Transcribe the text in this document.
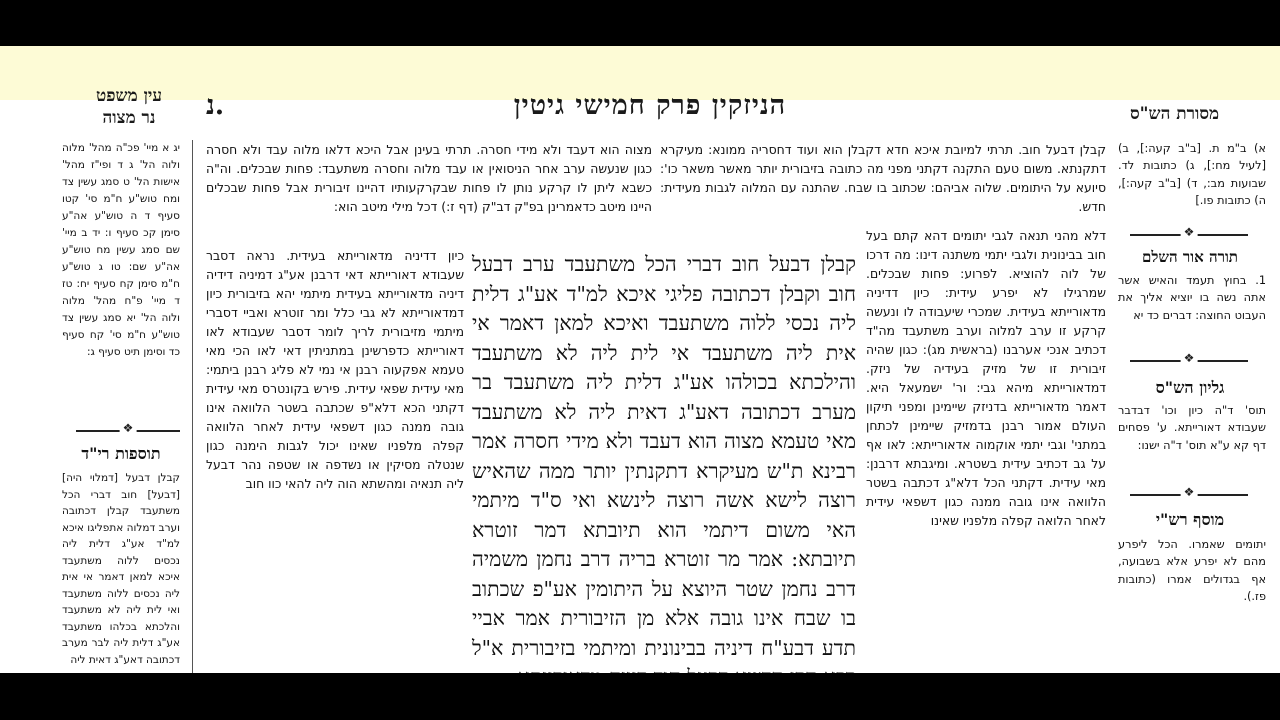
מסורת הש"ס
הניזקין פרק חמישי גיטין
נ.
עין משפט
נר מצוה
א) ב"מ ת. [ב"ב קעה:], ב) [לעיל מח:], ג) כתובות לד. שבועות מב:, ד) [ב"ב קעה:], ה) כתובות פו.]
❖
תורה אור השלם
1. בחוץ תעמד והאיש אשר אתה נשה בו יוציא אליך את העבוט החוצה: דברים כד יא
❖
גליון הש"ס
תוס' ד"ה כיון וכו' דבדבר שעבודא דאורייתא. ע' פסחים דף קא ע"א תוס' ד"ה ישנו:
❖
מוסף רש"י
יתומים שאמרו. הכל ליפרע מהם לא יפרע אלא בשבועה, אף בגדולים אמרו (כתובות פז.).
קבלן דבעל חוב. תרתי למיובת איכא חדא דקבלן הוא ועוד דחסריה ממונא: מעיקרא דתקנתא. משום טעם התקנה דקתני מפני מה כתובה בזיבורית יותר מאשר משאר כו': סיועא על היתומים. שלוה אביהם: שכתוב בו שבח. שהתנה עם המלוה לגבות מעידית: חדש.
דלא מהני תנאה לגבי יתומים דהא קתם בעל חוב בבינונית ולגבי יתמי משתנה דינו: מה דרכו של לוה להוציא. לפרוע: פחות שבכלים. שמרגילו לא יפרע עידית: כיון דדיניה מדאורייתא בעידית. שמכרי שיעבודה לו ונעשה קרקע זו ערב למלוה וערב משתעבד מה"ד דכתיב אנכי אערבנו (בראשית מג): כגון שהיה זיבורית זו של מזיק בעידיה של ניזק. דמדאורייתא מיהא גבי: ור' ישמעאל היא. דאמר מדאורייתא בדניזק שיימינן ומפני תיקון העולם אמור רבנן בדמזיק שיימינן לכתחן במתני' וגבי יתמי אוקמוה אדאורייתא: לאו אף על גב דכתיב עידית בשטרא. ומיגבתא דרבנן: מאי עידית. דקתני הכל דלא"ג דכתבה בשטר הלוואה אינו גובה ממנה כגון דשפאי עידית לאחר הלואה קפלה מלפניו שאינו
קבלן דבעל חוב דברי הכל משתעבד ערב דבעל חוב וקבלן דכתובה פליגי איכא למ"ד אע"ג דלית ליה נכסי ללוה משתעבד ואיכא למאן דאמר אי אית ליה משתעבד אי לית ליה לא משתעבד והילכתא בכולהו אע"ג דלית ליה משתעבד בר מערב דכתובה דאע"ג דאית ליה לא משתעבד מאי טעמא מצוה הוא דעבד ולא מידי חסרה אמר רבינא ת"ש מעיקרא דתקנתין יותר ממה שהאיש רוצה לישא אשה רוצה לינשא ואי ס"ד מיתמי האי משום דיתמי הוא תיובתא דמר זוטרא תיובתא: אמר מר זוטרא בריה דרב נחמן משמיה דרב נחמן שטר היוצא על היתומין אע"פ שכתוב בו שבח אינו גובה אלא מן הזיבורית אמר אביי תדע דבע"ח דיניה בבינונית ומיתמי בזיבורית א"ל
מצוה הוא דעבד ולא מידי חסרה. תרתי בעינן אבל היכא דלאו מלוה עבד ולא חסרה כגון שנעשה ערב אחר הניסואין או עבד מלוה וחסרה משתעבד: פחות שבכלים. וה"ה כשבא ליתן לו קרקע נותן לו פחות שבקרקעותיו דהיינו זיבורית אבל פחות שבכלים היינו מיטב כדאמרינן בפ"ק דב"ק (דף ז:) דכל מילי מיטב הוא:
כיון דדיניה מדאורייתא בעידית. נראה דסבר שעבודא דאורייתא דאי דרבנן אע"ג דמיניה דידיה דיניה מדאורייתא בעידית מיתמי יהא בזיבורית כיון דמדאורייתא לא גבי כלל ומר זוטרא ואביי דסברי מיתמי מזיבורית לריך לומר דסבר שעבודא לאו דאורייתא כדפרשינן במתניתין דאי לאו הכי מאי טעמא אפקעוה רבנן אי נמי לא פליג רבנן ביתמי: מאי עידית שפאי עידית. פירש בקונטרס מאי עידית דקתני הכא דלא"פ שכתבה בשטר הלוואה אינו גובה ממנה כגון דשפאי עידית לאחר הלוואה קפלה מלפניו שאינו יכול לגבות הימנה כגון שנטלה מסיקין או נשדפה או שטפה נהר דבעל ליה תנאיה ומהשתא הוה ליה להאי כוו חוב
יג א מיי' פכ"ה מהל' מלוה ולוה הל' ג ד ופי"ז מהל' אישות הל' ט סמג עשין צד ומח טוש"ע ח"מ סי' קטו סעיף ד ה טוש"ע אה"ע סימן קכ סעיף ו: יד ב מיי' שם סמג עשין מח טוש"ע אה"ע שם: טו ג טוש"ע ח"מ סימן קח סעיף יח: טז ד מיי' פ"ח מהל' מלוה ולוה הל' יא סמג עשין צד טוש"ע ח"מ סי' קח סעיף כד וסימן תיט סעיף ג:
❖
תוספות רי"ד
קבלן דבעל [דמלוי היה] [דבעל] חוב דברי הכל משתעבד קבלן דכתובה וערב דמלוה אתפליגו איכא למ"ד אע"ג דלית ליה נכסים ללוה משתעבד איכא למאן דאמר אי אית ליה נכסים ללוה משתעבד ואי לית ליה לא משתעבד והלכתא בכלהו משתעבד אע"ג דלית ליה לבר מערב דכתובה דאע"ג דאית ליה
